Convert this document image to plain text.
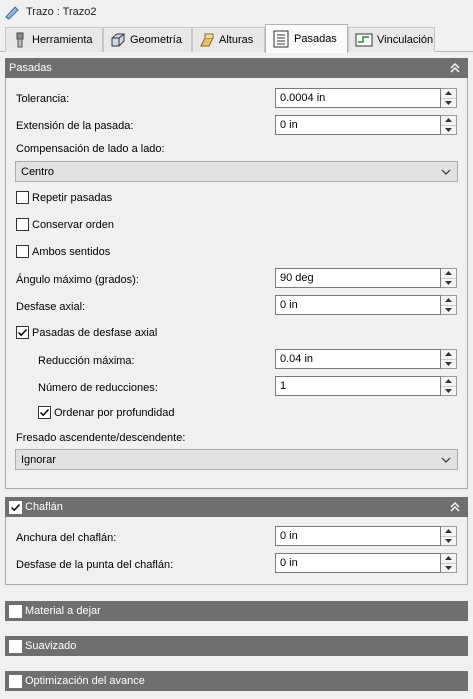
Trazo : Trazo2
Herramienta	Geometría	Alturas	Pasadas	Vinculación
Pasadas
Tolerancia:	0.0004 in
Extensión de la pasada:	0 in
Compensación de lado a lado:
Centro
Repetir pasadas
Conservar orden
Ambos sentidos
Ángulo máximo (grados):	90 deg
Desfase axial:	0 in
Pasadas de desfase axial
Reducción máxima:	0.04 in
Número de reducciones:	1
Ordenar por profundidad
Fresado ascendente/descendente:
Ignorar
Chaflán
Anchura del chaflán:	0 in
Desfase de la punta del chaflán:	0 in
Material a dejar
Suavizado
Optimización del avance
